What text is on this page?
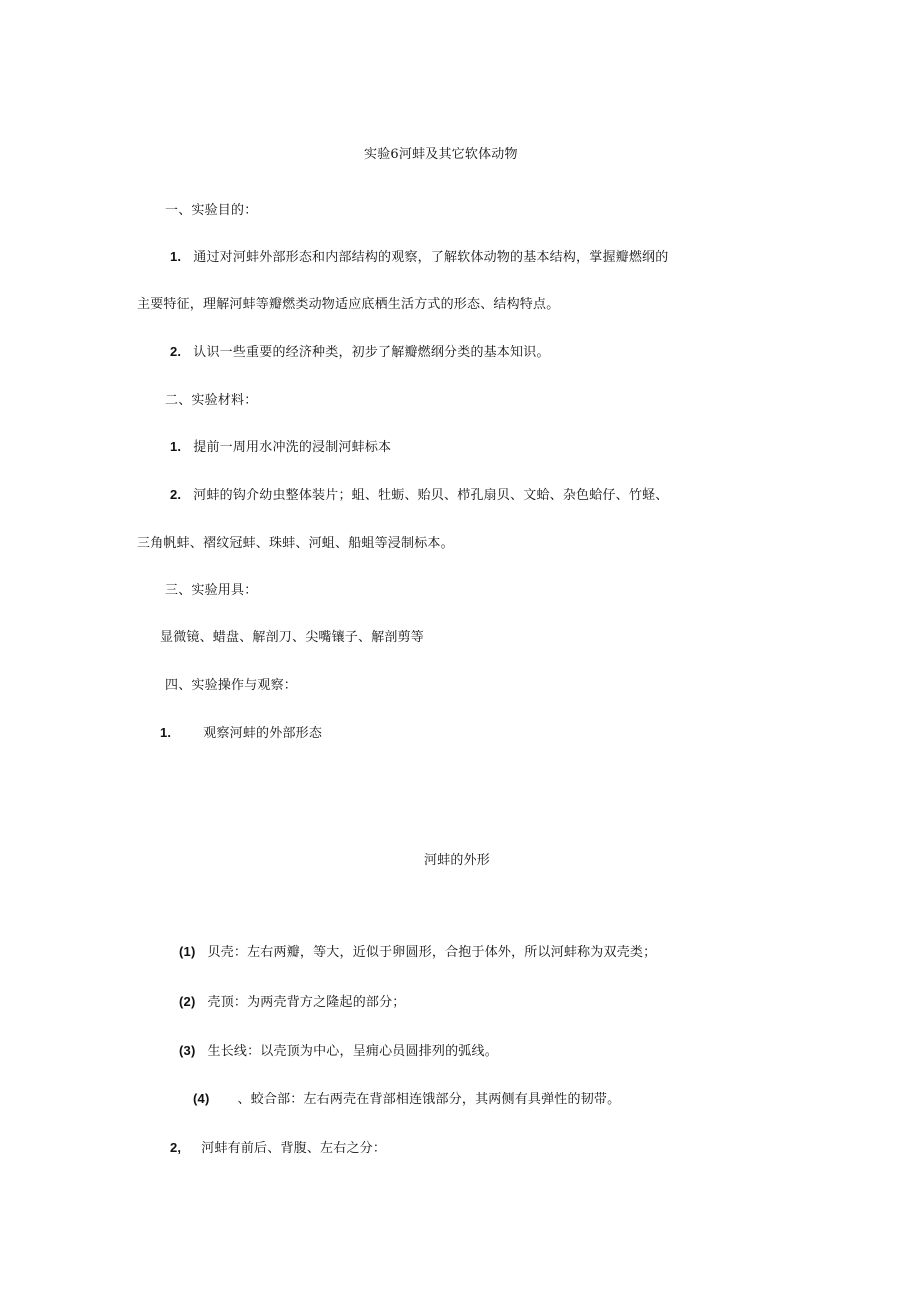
实验6河蚌及其它软体动物
一、实验目的：
1. 通过对河蚌外部形态和内部结构的观察，了解软体动物的基本结构，掌握瓣燃纲的
主要特征，理解河蚌等瓣燃类动物适应底栖生活方式的形态、结构特点。
2. 认识一些重要的经济种类，初步了解瓣燃纲分类的基本知识。
二、实验材料：
1. 提前一周用水冲洗的浸制河蚌标本
2. 河蚌的钩介幼虫整体装片；蛆、牡蛎、贻贝、栉孔扇贝、文蛤、杂色蛤仔、竹蛏、
三角帆蚌、褶纹冠蚌、珠蚌、河蛆、船蛆等浸制标本。
三、实验用具：
显微镜、蜡盘、解剖刀、尖嘴镶子、解剖剪等
四、实验操作与观察：
1. 观察河蚌的外部形态
河蚌的外形
(1) 贝壳：左右两瓣，等大，近似于卵圆形，合抱于体外，所以河蚌称为双壳类；
(2) 壳顶：为两壳背方之隆起的部分；
(3) 生长线：以壳顶为中心，呈痈心员圆排列的弧线。
(4) 、蛟合部：左右两壳在背部相连饿部分，其两侧有具弹性的韧带。
2, 河蚌有前后、背腹、左右之分：
